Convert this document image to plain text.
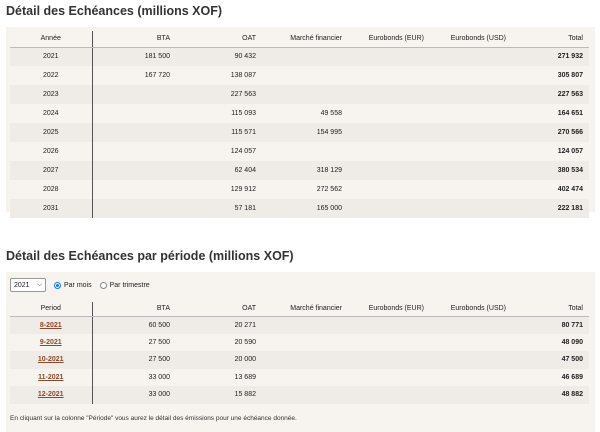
Détail des Echéances (millions XOF)
Année	BTA	OAT	Marché financier	Eurobonds (EUR)	Eurobonds (USD)	Total
2021	181 500	90 432				271 932
2022	167 720	138 087				305 807
2023		227 563				227 563
2024		115 093	49 558			164 651
2025		115 571	154 995			270 566
2026		124 057				124 057
2027		62 404	318 129			380 534
2028		129 912	272 562			402 474
2031		57 181	165 000			222 181
Détail des Echéances par période (millions XOF)
2021 ⌵	Par mois	Par trimestre
Period	BTA	OAT	Marché financier	Eurobonds (EUR)	Eurobonds (USD)	Total
8-2021	60 500	20 271				80 771
9-2021	27 500	20 590				48 090
10-2021	27 500	20 000				47 500
11-2021	33 000	13 689				46 689
12-2021	33 000	15 882				48 882
En cliquant sur la colonne "Période" vous aurez le détail des émissions pour une échéance donnée.
